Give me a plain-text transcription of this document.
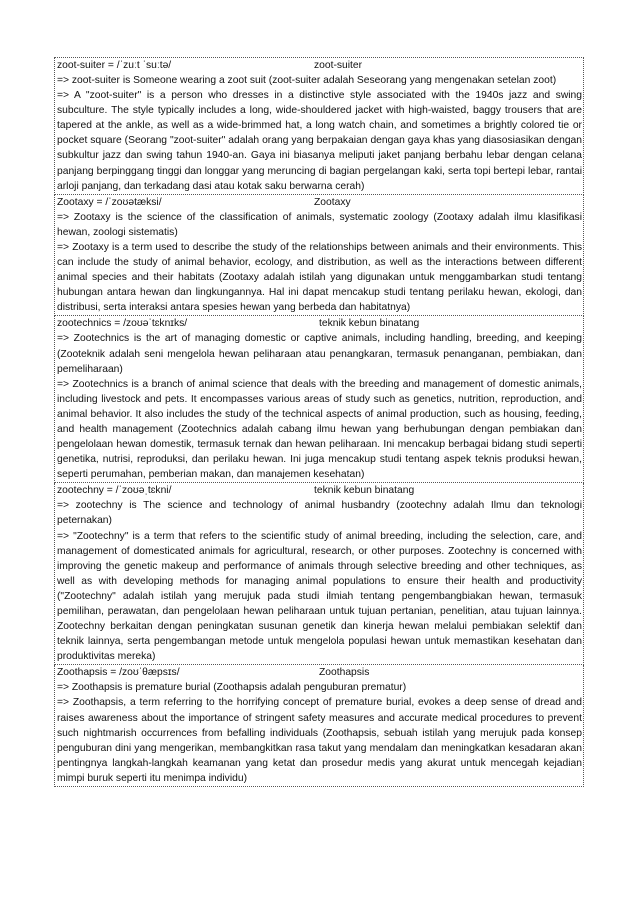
zoot-suiter = /ˈzuːt ˈsuːtə/	zoot-suiter
=> zoot-suiter is Someone wearing a zoot suit (zoot-suiter adalah Seseorang yang mengenakan setelan zoot)
=> A "zoot-suiter" is a person who dresses in a distinctive style associated with the 1940s jazz and swing subculture. The style typically includes a long, wide-shouldered jacket with high-waisted, baggy trousers that are tapered at the ankle, as well as a wide-brimmed hat, a long watch chain, and sometimes a brightly colored tie or pocket square (Seorang "zoot-suiter" adalah orang yang berpakaian dengan gaya khas yang diasosiasikan dengan subkultur jazz dan swing tahun 1940-an. Gaya ini biasanya meliputi jaket panjang berbahu lebar dengan celana panjang berpinggang tinggi dan longgar yang meruncing di bagian pergelangan kaki, serta topi bertepi lebar, rantai arloji panjang, dan terkadang dasi atau kotak saku berwarna cerah)
Zootaxy = /ˈzoʊətæksi/	Zootaxy
=> Zootaxy is the science of the classification of animals, systematic zoology (Zootaxy adalah ilmu klasifikasi hewan, zoologi sistematis)
=> Zootaxy is a term used to describe the study of the relationships between animals and their environments. This can include the study of animal behavior, ecology, and distribution, as well as the interactions between different animal species and their habitats (Zootaxy adalah istilah yang digunakan untuk menggambarkan studi tentang hubungan antara hewan dan lingkungannya. Hal ini dapat mencakup studi tentang perilaku hewan, ekologi, dan distribusi, serta interaksi antara spesies hewan yang berbeda dan habitatnya)
zootechnics = /zoʊəˈtɛknɪks/	teknik kebun binatang
=> Zootechnics is the art of managing domestic or captive animals, including handling, breeding, and keeping (Zooteknik adalah seni mengelola hewan peliharaan atau penangkaran, termasuk penanganan, pembiakan, dan pemeliharaan)
=> Zootechnics is a branch of animal science that deals with the breeding and management of domestic animals, including livestock and pets. It encompasses various areas of study such as genetics, nutrition, reproduction, and animal behavior. It also includes the study of the technical aspects of animal production, such as housing, feeding, and health management (Zootechnics adalah cabang ilmu hewan yang berhubungan dengan pembiakan dan pengelolaan hewan domestik, termasuk ternak dan hewan peliharaan. Ini mencakup berbagai bidang studi seperti genetika, nutrisi, reproduksi, dan perilaku hewan. Ini juga mencakup studi tentang aspek teknis produksi hewan, seperti perumahan, pemberian makan, dan manajemen kesehatan)
zootechny = /ˈzoʊəˌtɛkni/	teknik kebun binatang
=> zootechny is The science and technology of animal husbandry (zootechny adalah Ilmu dan teknologi peternakan)
=> "Zootechny" is a term that refers to the scientific study of animal breeding, including the selection, care, and management of domesticated animals for agricultural, research, or other purposes. Zootechny is concerned with improving the genetic makeup and performance of animals through selective breeding and other techniques, as well as with developing methods for managing animal populations to ensure their health and productivity ("Zootechny" adalah istilah yang merujuk pada studi ilmiah tentang pengembangbiakan hewan, termasuk pemilihan, perawatan, dan pengelolaan hewan peliharaan untuk tujuan pertanian, penelitian, atau tujuan lainnya. Zootechny berkaitan dengan peningkatan susunan genetik dan kinerja hewan melalui pembiakan selektif dan teknik lainnya, serta pengembangan metode untuk mengelola populasi hewan untuk memastikan kesehatan dan produktivitas mereka)
Zoothapsis = /zoʊˈθæpsɪs/	Zoothapsis
=> Zoothapsis is premature burial (Zoothapsis adalah penguburan prematur)
=> Zoothapsis, a term referring to the horrifying concept of premature burial, evokes a deep sense of dread and raises awareness about the importance of stringent safety measures and accurate medical procedures to prevent such nightmarish occurrences from befalling individuals (Zoothapsis, sebuah istilah yang merujuk pada konsep penguburan dini yang mengerikan, membangkitkan rasa takut yang mendalam dan meningkatkan kesadaran akan pentingnya langkah-langkah keamanan yang ketat dan prosedur medis yang akurat untuk mencegah kejadian mimpi buruk seperti itu menimpa individu)
